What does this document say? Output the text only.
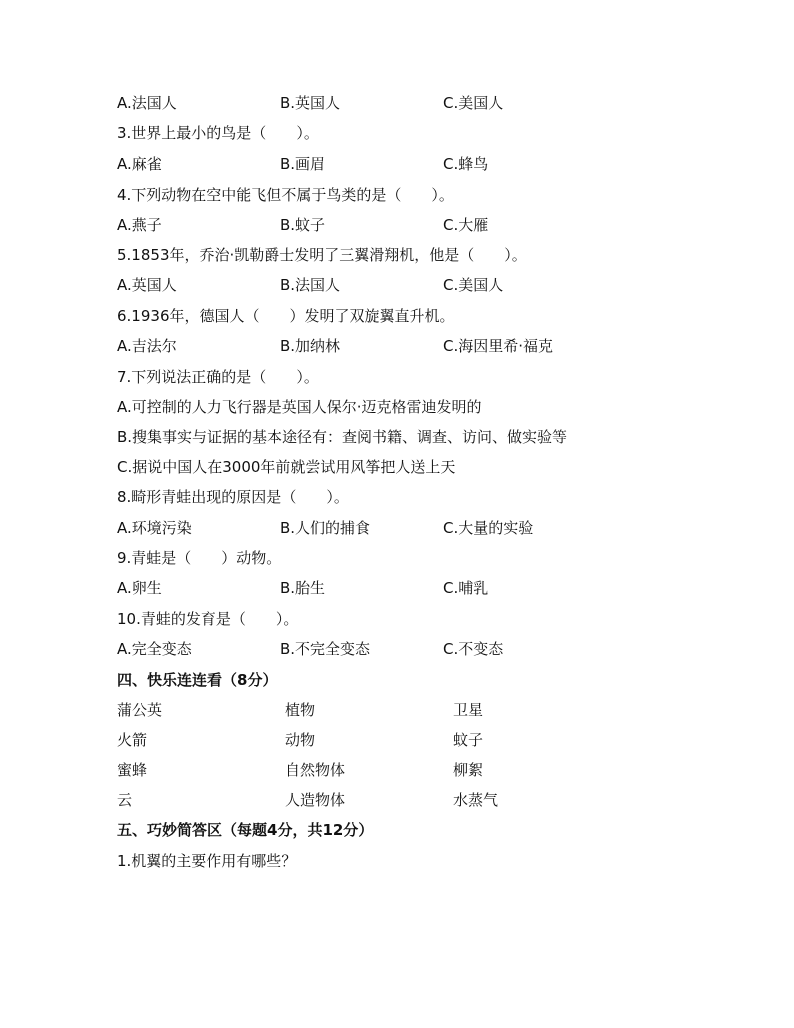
A.法国人	B.英国人	C.美国人
3.世界上最小的鸟是（　　）。
A.麻雀	B.画眉	C.蜂鸟
4.下列动物在空中能飞但不属于鸟类的是（　　）。
A.燕子	B.蚊子	C.大雁
5.1853年，乔治·凯勒爵士发明了三翼滑翔机，他是（　　）。
A.英国人	B.法国人	C.美国人
6.1936年，德国人（　　）发明了双旋翼直升机。
A.吉法尔	B.加纳林	C.海因里希·福克
7.下列说法正确的是（　　）。
A.可控制的人力飞行器是英国人保尔·迈克格雷迪发明的
B.搜集事实与证据的基本途径有：查阅书籍、调查、访问、做实验等
C.据说中国人在3000年前就尝试用风筝把人送上天
8.畸形青蛙出现的原因是（　　）。
A.环境污染	B.人们的捕食	C.大量的实验
9.青蛙是（　　）动物。
A.卵生	B.胎生	C.哺乳
10.青蛙的发育是（　　）。
A.完全变态	B.不完全变态	C.不变态
四、快乐连连看（8分）
蒲公英	植物	卫星
火箭	动物	蚊子
蜜蜂	自然物体	柳絮
云	人造物体	水蒸气
五、巧妙简答区（每题4分，共12分）
1.机翼的主要作用有哪些？
